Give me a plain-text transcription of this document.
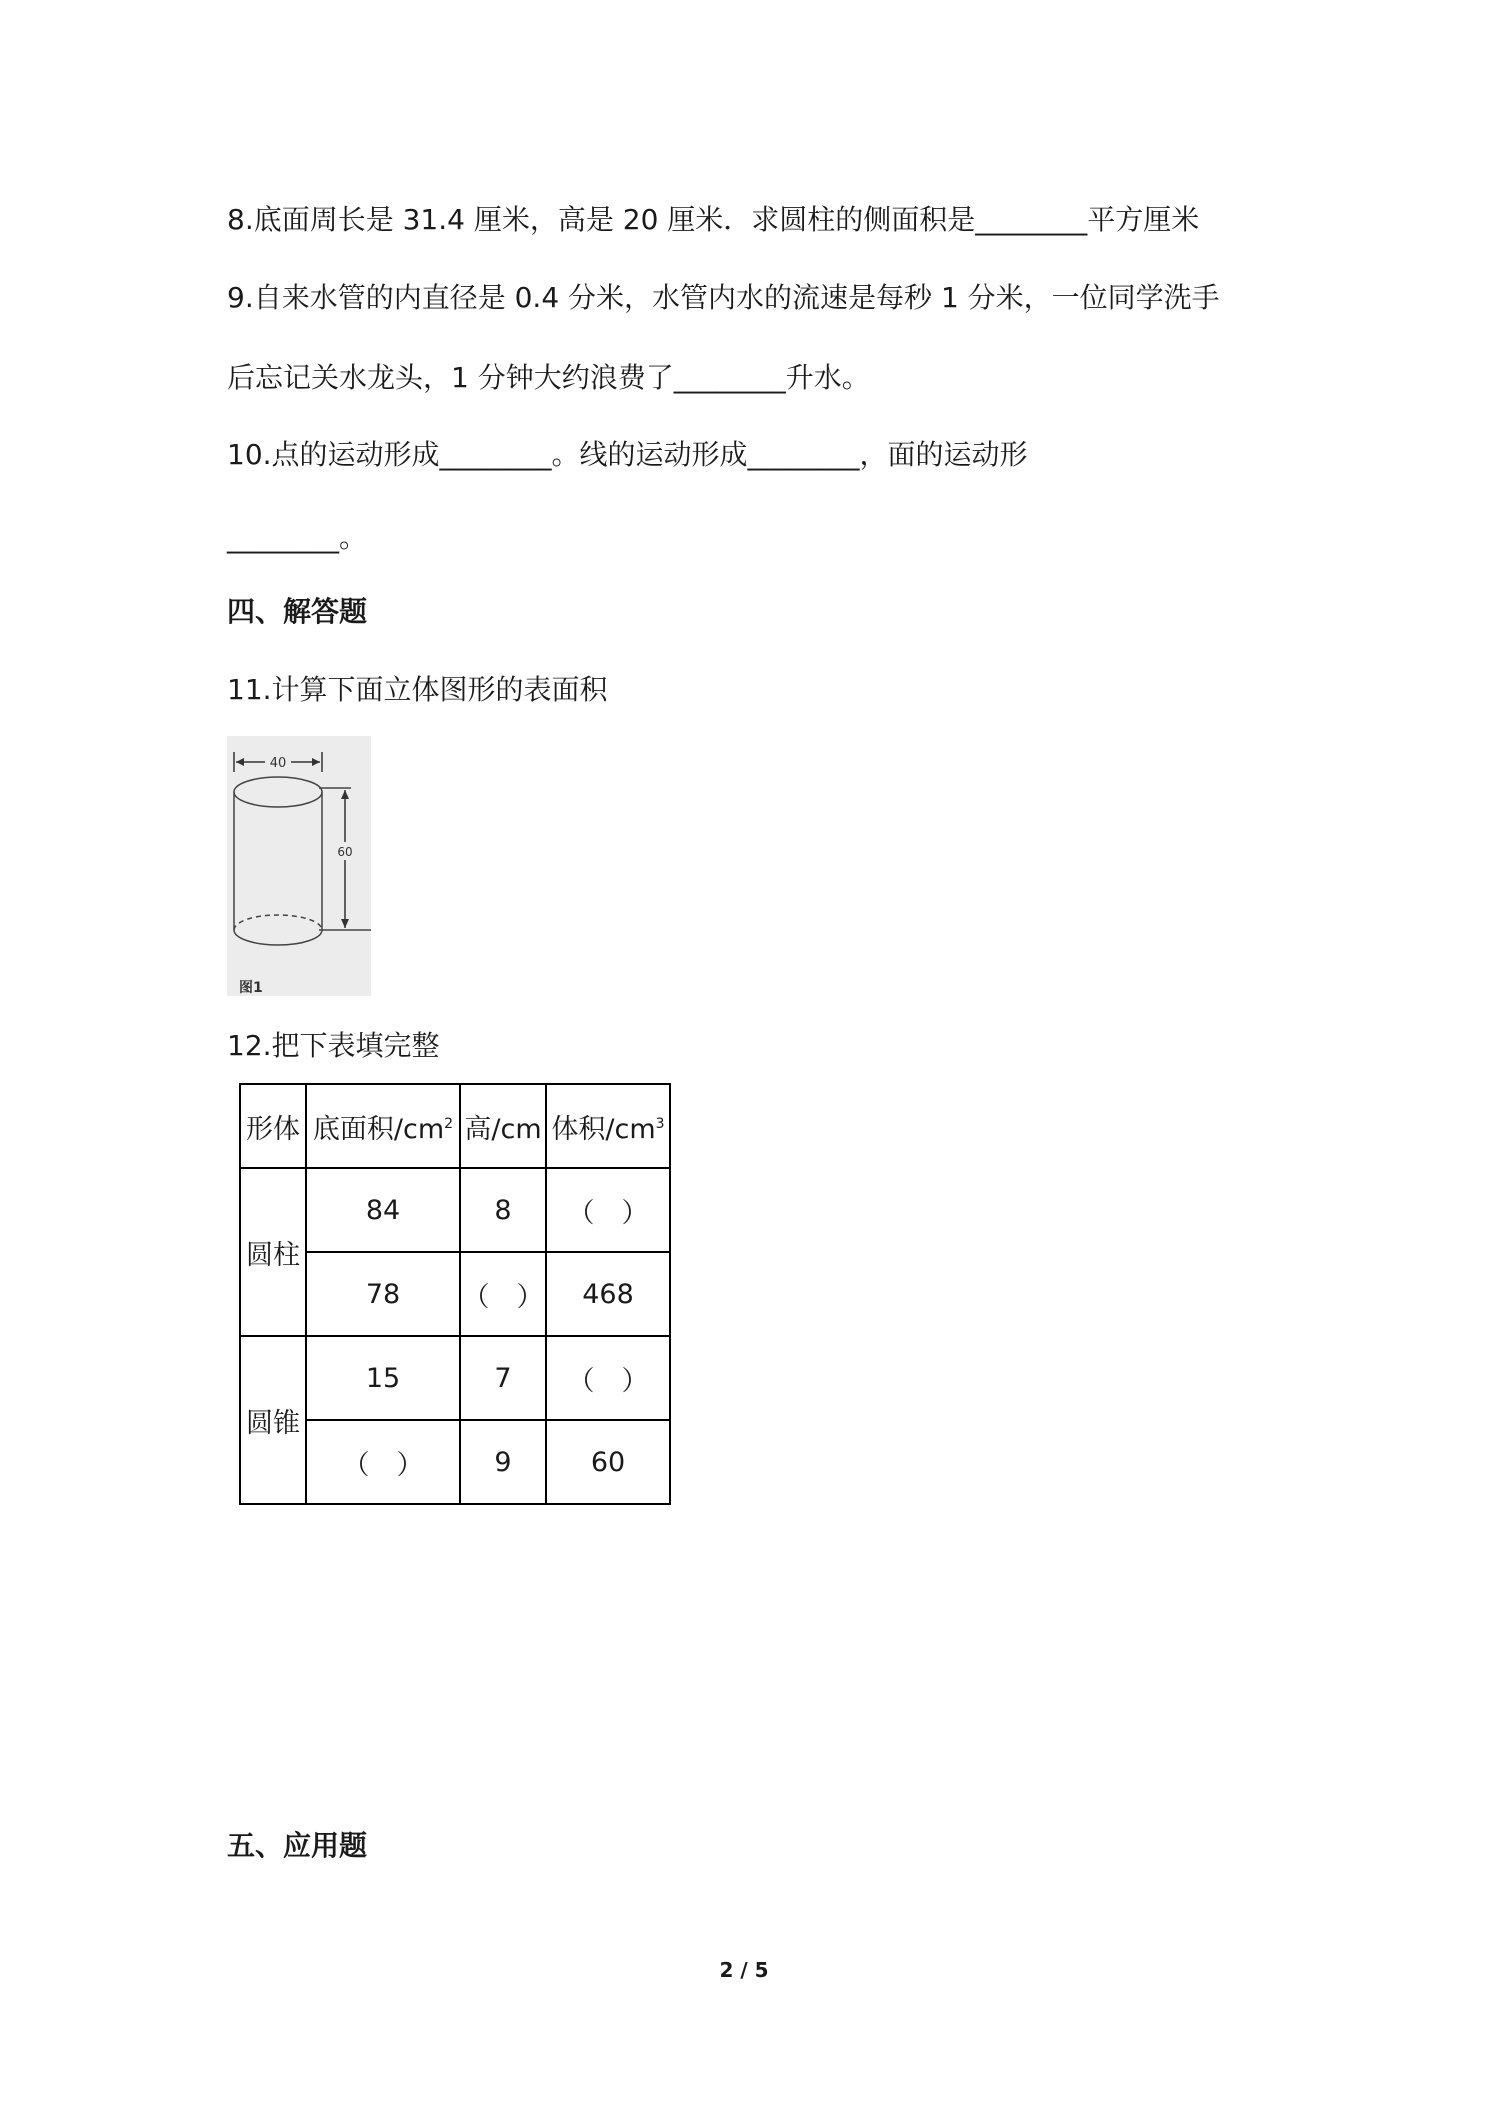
8.底面周长是 31.4 厘米，高是 20 厘米．求圆柱的侧面积是________平方厘米
9.自来水管的内直径是 0.4 分米，水管内水的流速是每秒 1 分米，一位同学洗手
后忘记关水龙头，1 分钟大约浪费了________升水。
10.点的运动形成________。线的运动形成________，面的运动形
________。
四、解答题
11.计算下面立体图形的表面积
40
60
图1
12.把下表填完整
形体	底面积$/cm^2$	高/cm	体积$/cm^3$
圆柱	84	8	（　）
	78	（　）	468
圆锥	15	7	（　）
	（　）	9	60
五、应用题
2 / 5
